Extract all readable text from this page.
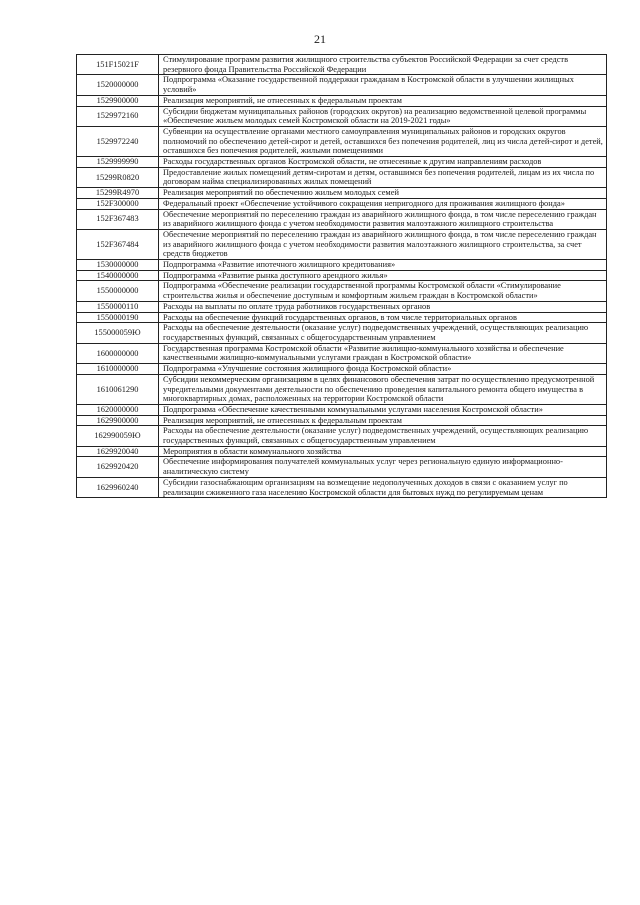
21
151F15021F	Стимулирование программ развития жилищного строительства субъектов Российской Федерации за счет средств резервного фонда Правительства Российской Федерации
1520000000	Подпрограмма «Оказание государственной поддержки гражданам в Костромской области в улучшении жилищных условий»
1529900000	Реализация мероприятий, не отнесенных к федеральным проектам
1529972160	Субсидии бюджетам муниципальных районов (городских округов) на реализацию ведомственной целевой программы «Обеспечение жильем молодых семей Костромской области на 2019-2021 годы»
1529972240	Субвенции на осуществление органами местного самоуправления муниципальных районов и городских округов полномочий по обеспечению детей-сирот и детей, оставшихся без попечения родителей, лиц из числа детей-сирот и детей, оставшихся без попечения родителей, жилыми помещениями
1529999990	Расходы государственных органов Костромской области, не отнесенные к другим направлениям расходов
15299R0820	Предоставление жилых помещений детям-сиротам и детям, оставшимся без попечения родителей, лицам из их числа по договорам найма специализированных жилых помещений
15299R4970	Реализация мероприятий по обеспечению жильем молодых семей
152F300000	Федеральный проект «Обеспечение устойчивого сокращения непригодного для проживания жилищного фонда»
152F367483	Обеспечение мероприятий по переселению граждан из аварийного жилищного фонда, в том числе переселению граждан из аварийного жилищного фонда с учетом необходимости развития малоэтажного жилищного строительства
152F367484	Обеспечение мероприятий по переселению граждан из аварийного жилищного фонда, в том числе переселению граждан из аварийного жилищного фонда с учетом необходимости развития малоэтажного жилищного строительства, за счет средств бюджетов
1530000000	Подпрограмма «Развитие ипотечного жилищного кредитования»
1540000000	Подпрограмма «Развитие рынка доступного арендного жилья»
1550000000	Подпрограмма «Обеспечение реализации государственной программы Костромской области «Стимулирование строительства жилья и обеспечение доступным и комфортным жильем граждан в Костромской области»
1550000110	Расходы на выплаты по оплате труда работников государственных органов
1550000190	Расходы на обеспечение функций государственных органов, в том числе территориальных органов
155000059Ю	Расходы на обеспечение деятельности (оказание услуг) подведомственных учреждений, осуществляющих реализацию государственных функций, связанных с общегосударственным управлением
1600000000	Государственная программа Костромской области «Развитие жилищно-коммунального хозяйства и обеспечение качественными жилищно-коммунальными услугами граждан в Костромской области»
1610000000	Подпрограмма «Улучшение состояния жилищного фонда Костромской области»
1610061290	Субсидии некоммерческим организациям в целях финансового обеспечения затрат по осуществлению предусмотренной учредительными документами деятельности по обеспечению проведения капитального ремонта общего имущества в многоквартирных домах, расположенных на территории Костромской области
1620000000	Подпрограмма «Обеспечение качественными коммунальными услугами населения Костромской области»
1629900000	Реализация мероприятий, не отнесенных к федеральным проектам
162990059Ю	Расходы на обеспечение деятельности (оказание услуг) подведомственных учреждений, осуществляющих реализацию государственных функций, связанных с общегосударственным управлением
1629920040	Мероприятия в области коммунального хозяйства
1629920420	Обеспечение информирования получателей коммунальных услуг через региональную единую информационно-аналитическую систему
1629960240	Субсидии газоснабжающим организациям на возмещение недополученных доходов в связи с оказанием услуг по реализации сжиженного газа населению Костромской области для бытовых нужд по регулируемым ценам
